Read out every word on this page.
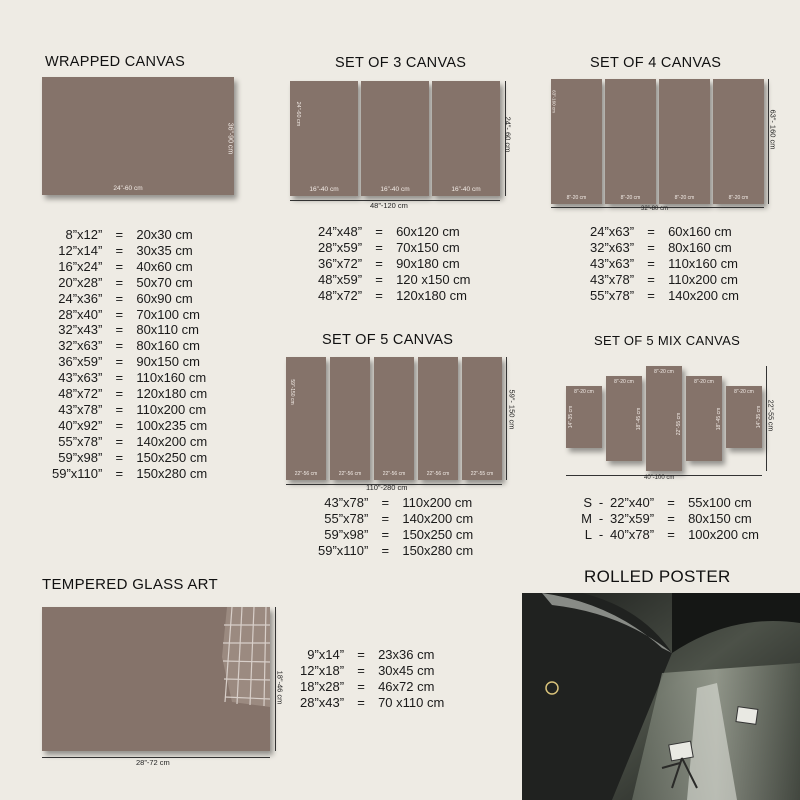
WRAPPED CANVAS
24”-60 cm
36”-90 cm
8”x12”	=	20x30 cm
12”x14”	=	30x35 cm
16”x24”	=	40x60 cm
20”x28”	=	50x70 cm
24”x36”	=	60x90 cm
28”x40”	=	70x100 cm
32”x43”	=	80x110 cm
32”x63”	=	80x160 cm
36”x59”	=	90x150 cm
43”x63”	=	110x160 cm
48”x72”	=	120x180 cm
43”x78”	=	110x200 cm
40”x92”	=	100x235 cm
55”x78”	=	140x200 cm
59”x98”	=	150x250 cm
59”x110”	=	150x280 cm
SET OF 3 CANVAS
24”-60 cm
16”-40 cm	16”-40 cm	16”-40 cm
48”-120 cm
24”- 60 cm
24”x48”	=	60x120 cm
28”x59”	=	70x150 cm
36”x72”	=	90x180 cm
48”x59”	=	120 x150 cm
48”x72”	=	120x180 cm
SET OF 4 CANVAS
63”-160 cm
8”-20 cm	8”-20 cm	8”-20 cm	8”-20 cm
32”-80 cm
63”- 160 cm
24”x63”	=	60x160 cm
32”x63”	=	80x160 cm
43”x63”	=	110x160 cm
43”x78”	=	110x200 cm
55”x78”	=	140x200 cm
SET OF 5 CANVAS
59”-150 cm
22”-56 cm	22”-56 cm	22”-56 cm	22”-56 cm	22”-55 cm
110”-280 cm
59”- 150 cm
43”x78”	=	110x200 cm
55”x78”	=	140x200 cm
59”x98”	=	150x250 cm
59”x110”	=	150x280 cm
SET OF 5 MIX CANVAS
8”-20 cm
14”-35 cm
8”-20 cm
18”-45 cm
8”-20 cm
22”-55 cm
8”-20 cm
18”-45 cm
8”-20 cm
14”-35 cm
40”-100 cm
22”-55 cm
S	-	22”x40”	=	55x100 cm
M	-	32”x59”	=	80x150 cm
L	-	40”x78”	=	100x200 cm
TEMPERED GLASS ART
28”-72 cm
18”-46 cm
9”x14”	=	23x36 cm
12”x18”	=	30x45 cm
18”x28”	=	46x72 cm
28”x43”	=	70 x110 cm
ROLLED POSTER
